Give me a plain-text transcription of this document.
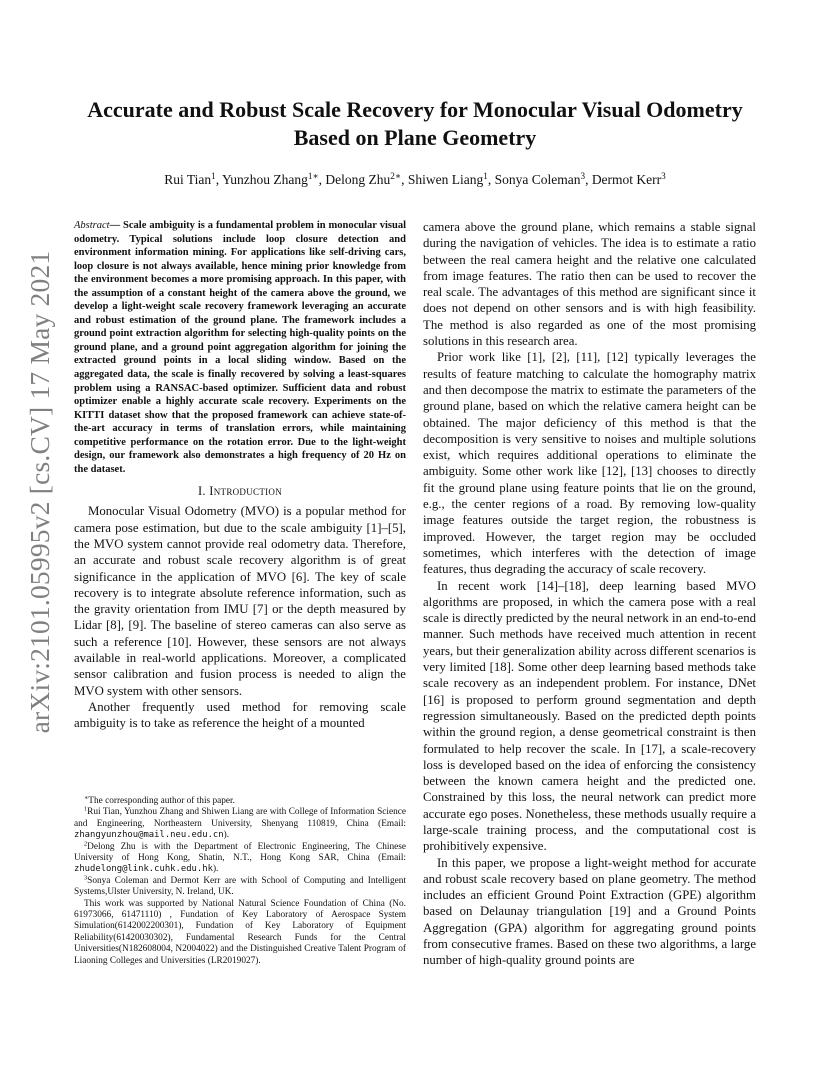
arXiv:2101.05995v2 [cs.CV] 17 May 2021
Accurate and Robust Scale Recovery for Monocular Visual Odometry
Based on Plane Geometry

Rui Tian$^1$, Yunzhou Zhang$^{1∗}$, Delong Zhu$^{2∗}$, Shiwen Liang$^1$, Sonya Coleman$^3$, Dermot Kerr$^3$

Abstract— Scale ambiguity is a fundamental problem in monocular visual odometry. Typical solutions include loop closure detection and environment information mining. For applications like self-driving cars, loop closure is not always available, hence mining prior knowledge from the environment becomes a more promising approach. In this paper, with the assumption of a constant height of the camera above the ground, we develop a light-weight scale recovery framework leveraging an accurate and robust estimation of the ground plane. The framework includes a ground point extraction algorithm for selecting high-quality points on the ground plane, and a ground point aggregation algorithm for joining the extracted ground points in a local sliding window. Based on the aggregated data, the scale is finally recovered by solving a least-squares problem using a RANSAC-based optimizer. Sufficient data and robust optimizer enable a highly accurate scale recovery. Experiments on the KITTI dataset show that the proposed framework can achieve state-of-the-art accuracy in terms of translation errors, while maintaining competitive performance on the rotation error. Due to the light-weight design, our framework also demonstrates a high frequency of 20 Hz on the dataset.

I. Introduction

Monocular Visual Odometry (MVO) is a popular method for camera pose estimation, but due to the scale ambiguity [1]–[5], the MVO system cannot provide real odometry data. Therefore, an accurate and robust scale recovery algorithm is of great significance in the application of MVO [6]. The key of scale recovery is to integrate absolute reference information, such as the gravity orientation from IMU [7] or the depth measured by Lidar [8], [9]. The baseline of stereo cameras can also serve as such a reference [10]. However, these sensors are not always available in real-world applications. Moreover, a complicated sensor calibration and fusion process is needed to align the MVO system with other sensors.

Another frequently used method for removing scale ambiguity is to take as reference the height of a mounted

∗The corresponding author of this paper.

$^1$Rui Tian, Yunzhou Zhang and Shiwen Liang are with College of Information Science and Engineering, Northeastern University, Shenyang 110819, China (Email: zhangyunzhou@mail.neu.edu.cn).

$^2$Delong Zhu is with the Department of Electronic Engineering, The Chinese University of Hong Kong, Shatin, N.T., Hong Kong SAR, China (Email: zhudelong@link.cuhk.edu.hk).

$^3$Sonya Coleman and Dermot Kerr are with School of Computing and Intelligent Systems,Ulster University, N. Ireland, UK.

This work was supported by National Natural Science Foundation of China (No. 61973066, 61471110) , Fundation of Key Laboratory of Aerospace System Simulation(6142002200301), Fundation of Key Laboratory of Equipment Reliability(61420030302), Fundamental Research Funds for the Central Universities(N182608004, N2004022) and the Distinguished Creative Talent Program of Liaoning Colleges and Universities (LR2019027).

camera above the ground plane, which remains a stable signal during the navigation of vehicles. The idea is to estimate a ratio between the real camera height and the relative one calculated from image features. The ratio then can be used to recover the real scale. The advantages of this method are significant since it does not depend on other sensors and is with high feasibility. The method is also regarded as one of the most promising solutions in this research area.

Prior work like [1], [2], [11], [12] typically leverages the results of feature matching to calculate the homography matrix and then decompose the matrix to estimate the parameters of the ground plane, based on which the relative camera height can be obtained. The major deficiency of this method is that the decomposition is very sensitive to noises and multiple solutions exist, which requires additional operations to eliminate the ambiguity. Some other work like [12], [13] chooses to directly fit the ground plane using feature points that lie on the ground, e.g., the center regions of a road. By removing low-quality image features outside the target region, the robustness is improved. However, the target region may be occluded sometimes, which interferes with the detection of image features, thus degrading the accuracy of scale recovery.

In recent work [14]–[18], deep learning based MVO algorithms are proposed, in which the camera pose with a real scale is directly predicted by the neural network in an end-to-end manner. Such methods have received much attention in recent years, but their generalization ability across different scenarios is very limited [18]. Some other deep learning based methods take scale recovery as an independent problem. For instance, DNet [16] is proposed to perform ground segmentation and depth regression simultaneously. Based on the predicted depth points within the ground region, a dense geometrical constraint is then formulated to help recover the scale. In [17], a scale-recovery loss is developed based on the idea of enforcing the consistency between the known camera height and the predicted one. Constrained by this loss, the neural network can predict more accurate ego poses. Nonetheless, these methods usually require a large-scale training process, and the computational cost is prohibitively expensive.

In this paper, we propose a light-weight method for accurate and robust scale recovery based on plane geometry. The method includes an efficient Ground Point Extraction (GPE) algorithm based on Delaunay triangulation [19] and a Ground Points Aggregation (GPA) algorithm for aggregating ground points from consecutive frames. Based on these two algorithms, a large number of high-quality ground points are
